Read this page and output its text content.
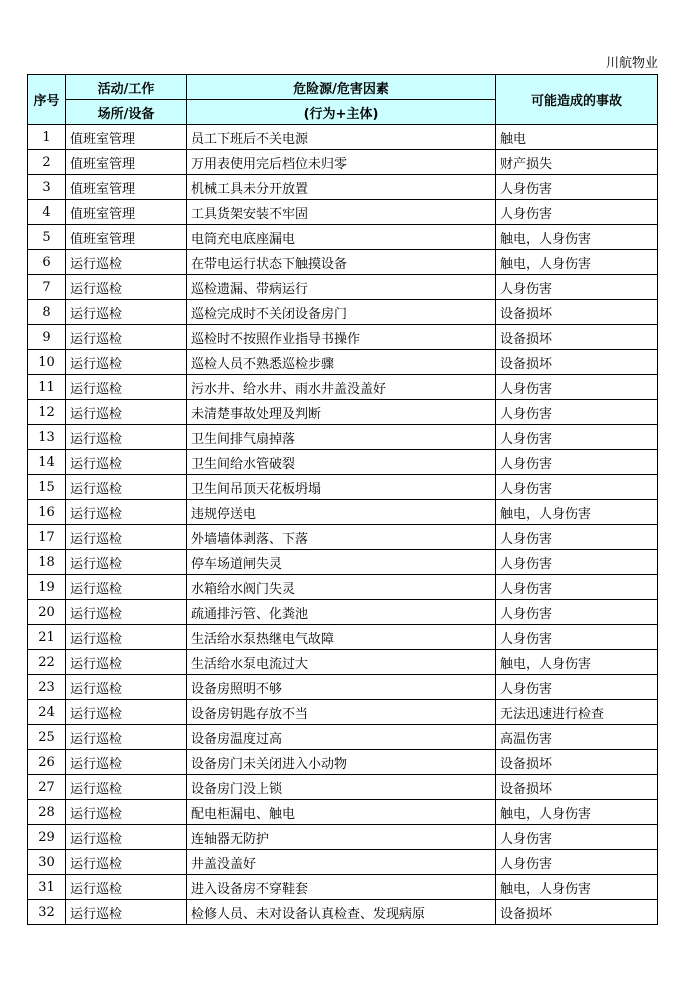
川航物业
序号	活动/工作	危险源/危害因素	可能造成的事故
	场所/设备	(行为+主体)	
1	值班室管理	员工下班后不关电源	触电
2	值班室管理	万用表使用完后档位未归零	财产损失
3	值班室管理	机械工具未分开放置	人身伤害
4	值班室管理	工具货架安装不牢固	人身伤害
5	值班室管理	电筒充电底座漏电	触电，人身伤害
6	运行巡检	在带电运行状态下触摸设备	触电，人身伤害
7	运行巡检	巡检遗漏、带病运行	人身伤害
8	运行巡检	巡检完成时不关闭设备房门	设备损坏
9	运行巡检	巡检时不按照作业指导书操作	设备损坏
10	运行巡检	巡检人员不熟悉巡检步骤	设备损坏
11	运行巡检	污水井、给水井、雨水井盖没盖好	人身伤害
12	运行巡检	未清楚事故处理及判断	人身伤害
13	运行巡检	卫生间排气扇掉落	人身伤害
14	运行巡检	卫生间给水管破裂	人身伤害
15	运行巡检	卫生间吊顶天花板坍塌	人身伤害
16	运行巡检	违规停送电	触电，人身伤害
17	运行巡检	外墙墙体剥落、下落	人身伤害
18	运行巡检	停车场道闸失灵	人身伤害
19	运行巡检	水箱给水阀门失灵	人身伤害
20	运行巡检	疏通排污管、化粪池	人身伤害
21	运行巡检	生活给水泵热继电气故障	人身伤害
22	运行巡检	生活给水泵电流过大	触电，人身伤害
23	运行巡检	设备房照明不够	人身伤害
24	运行巡检	设备房钥匙存放不当	无法迅速进行检查
25	运行巡检	设备房温度过高	高温伤害
26	运行巡检	设备房门未关闭进入小动物	设备损坏
27	运行巡检	设备房门没上锁	设备损坏
28	运行巡检	配电柜漏电、触电	触电，人身伤害
29	运行巡检	连轴器无防护	人身伤害
30	运行巡检	井盖没盖好	人身伤害
31	运行巡检	进入设备房不穿鞋套	触电，人身伤害
32	运行巡检	检修人员、未对设备认真检查、发现病原	设备损坏
